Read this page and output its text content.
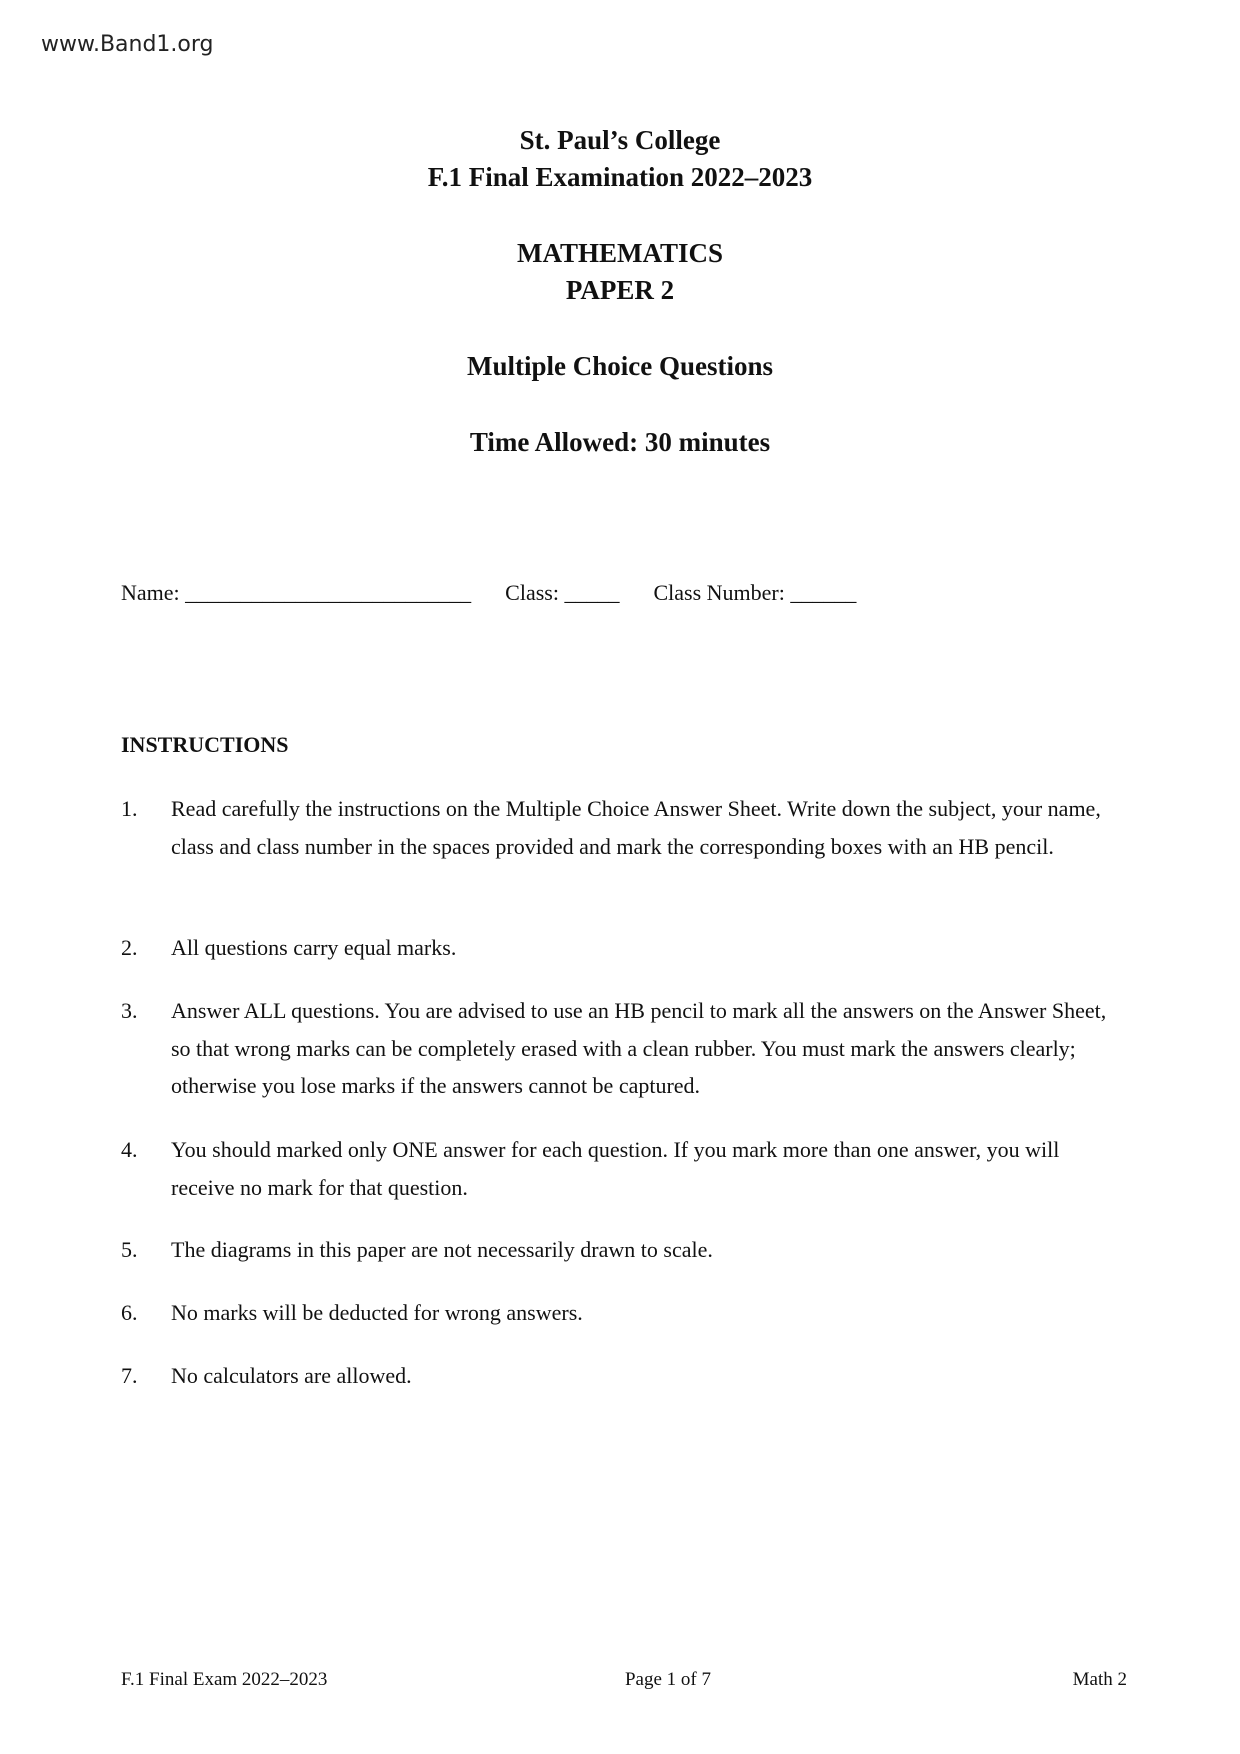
www.Band1.org
St. Paul’s College
F.1 Final Examination 2022–2023
MATHEMATICS
PAPER 2
Multiple Choice Questions
Time Allowed: 30 minutes
Name: __________________________ Class: _____ Class Number: ______
INSTRUCTIONS
1.	Read carefully the instructions on the Multiple Choice Answer Sheet. Write down the subject, your name, class and class number in the spaces provided and mark the corresponding boxes with an HB pencil.
2.	All questions carry equal marks.
3.	Answer ALL questions. You are advised to use an HB pencil to mark all the answers on the Answer Sheet, so that wrong marks can be completely erased with a clean rubber. You must mark the answers clearly; otherwise you lose marks if the answers cannot be captured.
4.	You should marked only ONE answer for each question. If you mark more than one answer, you will receive no mark for that question.
5.	The diagrams in this paper are not necessarily drawn to scale.
6.	No marks will be deducted for wrong answers.
7.	No calculators are allowed.
F.1 Final Exam 2022–2023	Page 1 of 7	Math 2
